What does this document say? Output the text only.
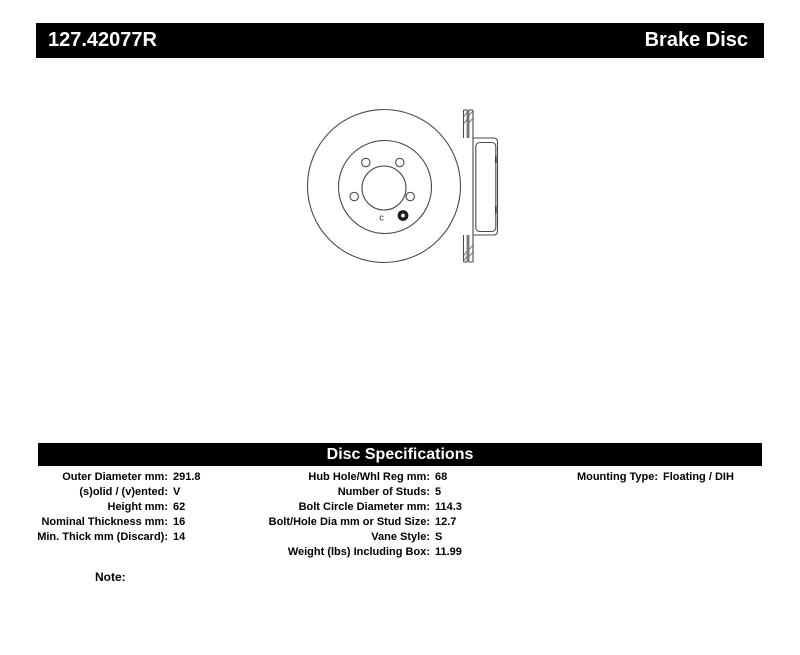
127.42077R	Brake Disc
c
Disc Specifications
Outer Diameter mm: 291.8
(s)olid / (v)ented: V
Height mm: 62
Nominal Thickness mm: 16
Min. Thick mm (Discard): 14
Hub Hole/Whl Reg mm: 68
Number of Studs: 5
Bolt Circle Diameter mm: 114.3
Bolt/Hole Dia mm or Stud Size: 12.7
Vane Style: S
Weight (lbs) Including Box: 11.99
Mounting Type: Floating / DIH
Note:
